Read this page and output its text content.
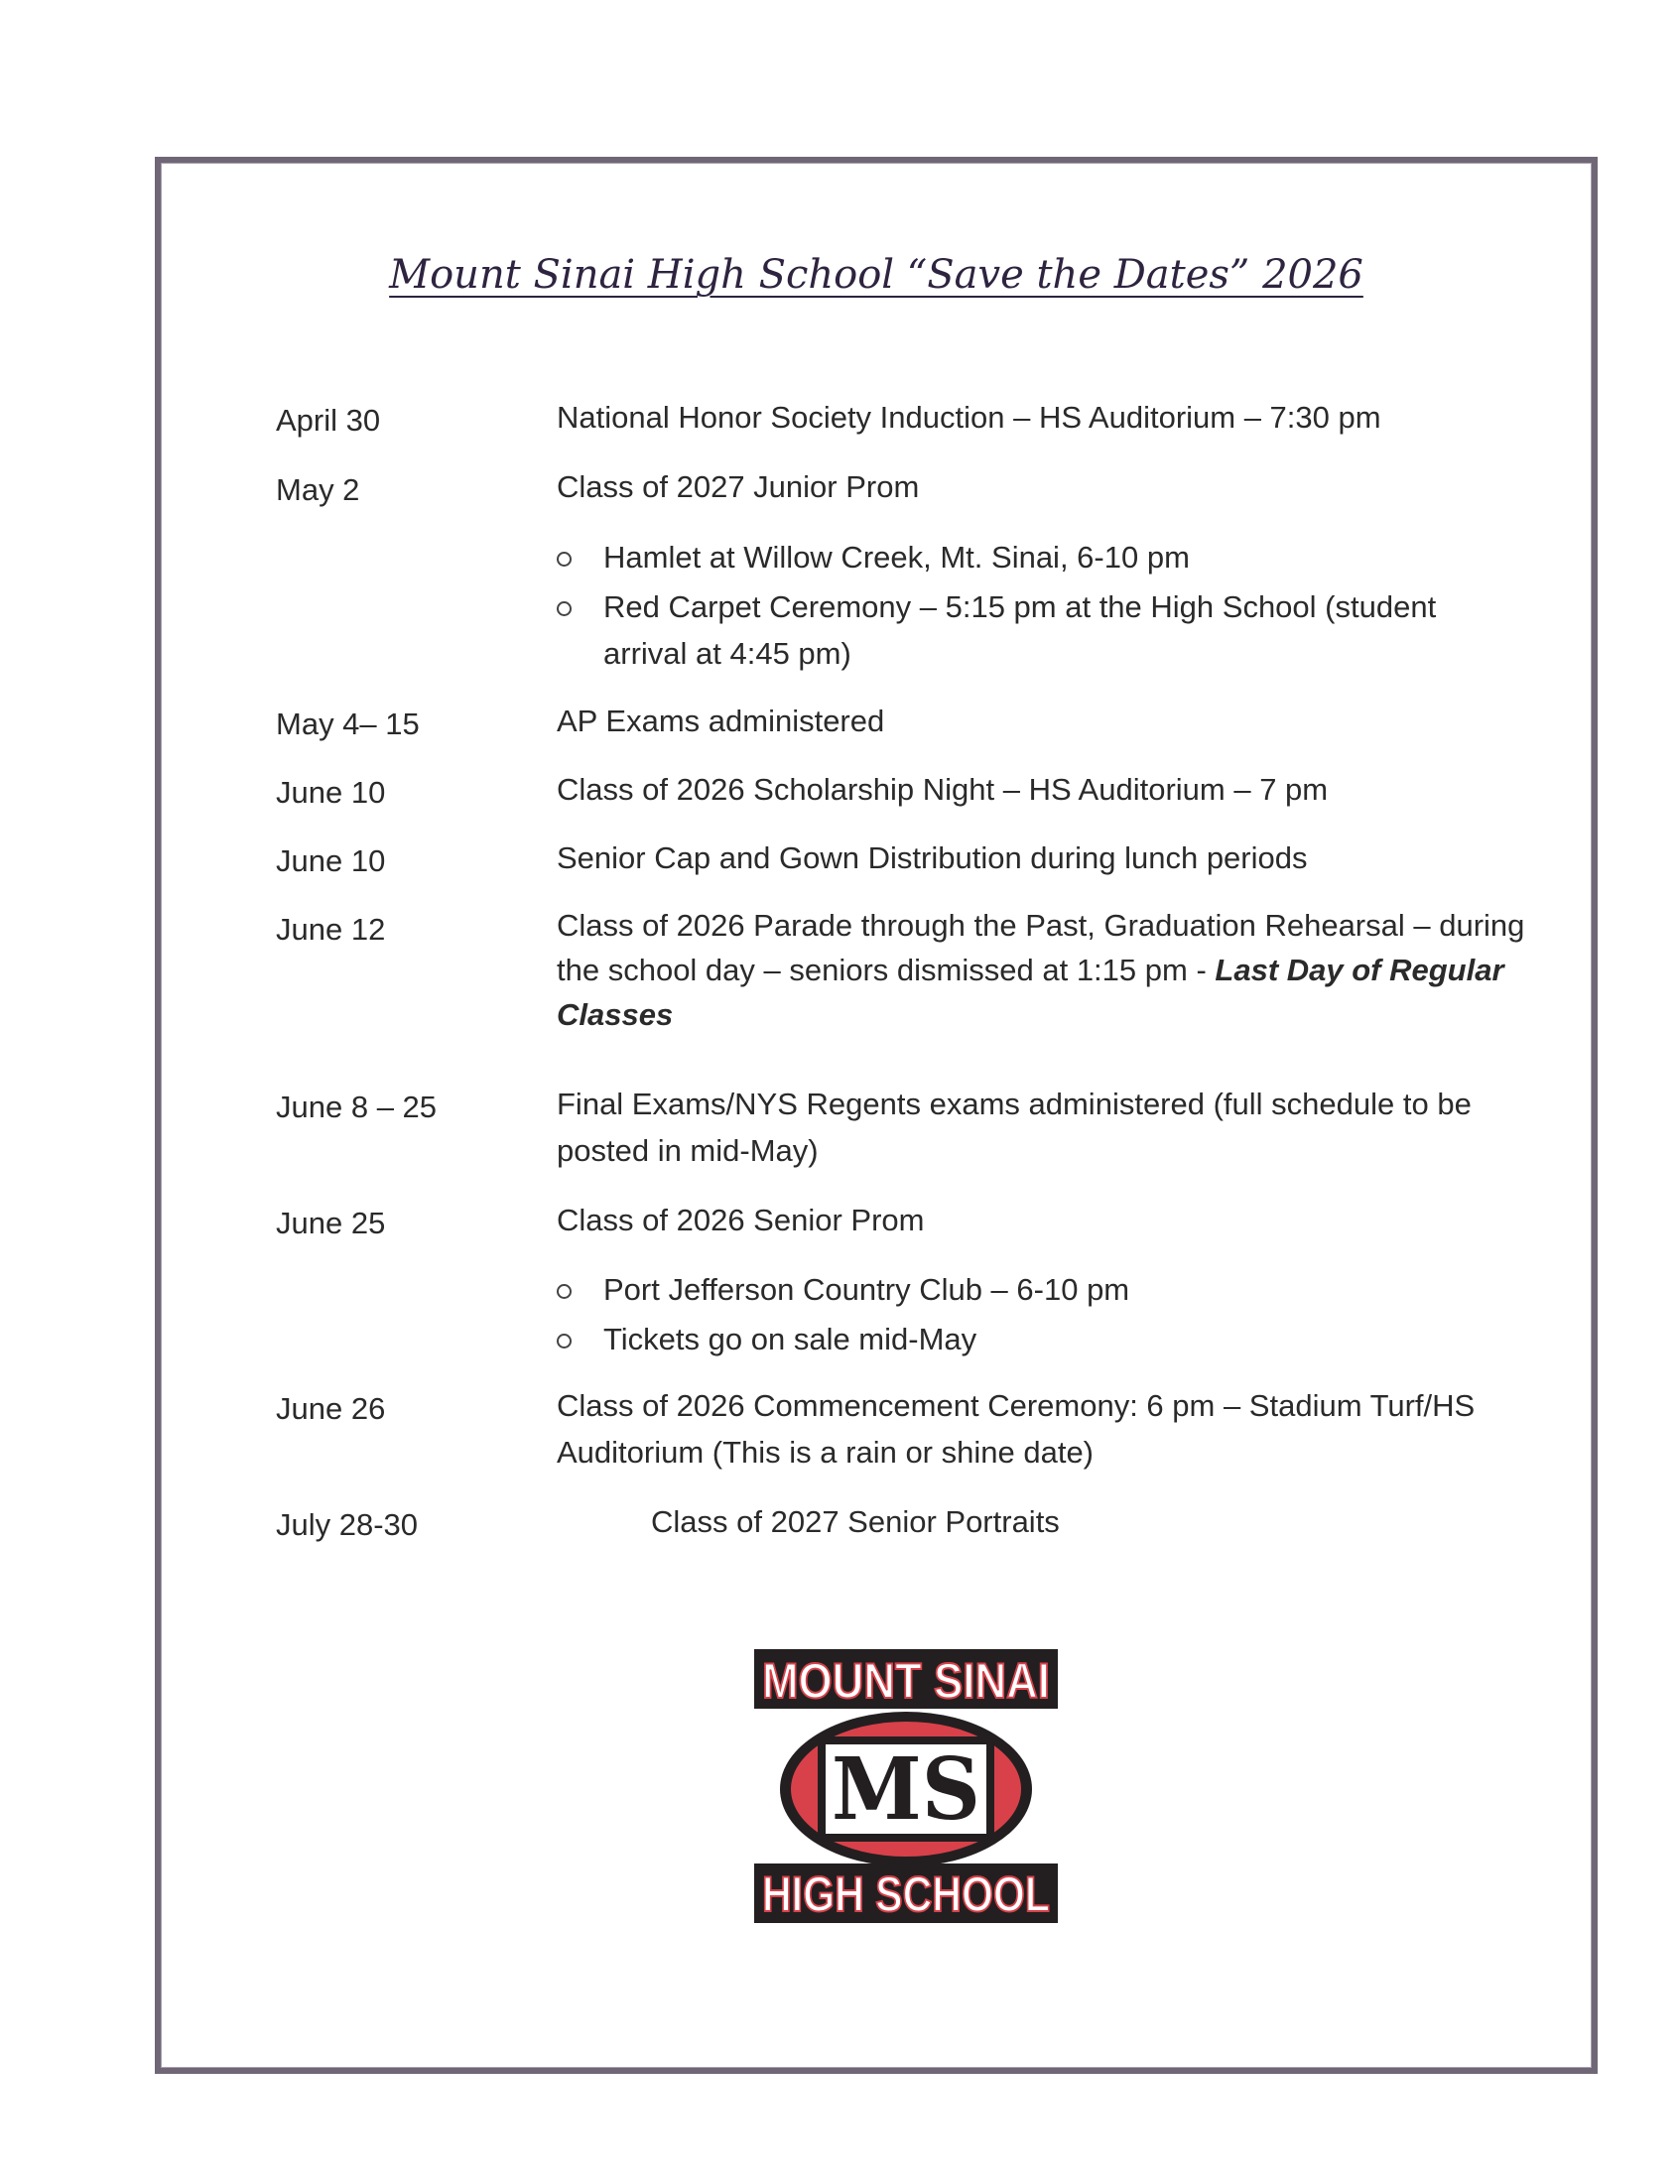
Mount Sinai High School “Save the Dates” 2026
April 30	National Honor Society Induction – HS Auditorium – 7:30 pm
May 2	Class of 2027 Junior Prom
Hamlet at Willow Creek, Mt. Sinai, 6-10 pm
Red Carpet Ceremony – 5:15 pm at the High School (student arrival at 4:45 pm)
May 4– 15	AP Exams administered
June 10	Class of 2026 Scholarship Night – HS Auditorium – 7 pm
June 10	Senior Cap and Gown Distribution during lunch periods
June 12	Class of 2026 Parade through the Past, Graduation Rehearsal – during the school day – seniors dismissed at 1:15 pm - Last Day of Regular Classes
June 8 – 25	Final Exams/NYS Regents exams administered (full schedule to be posted in mid-May)
June 25	Class of 2026 Senior Prom
Port Jefferson Country Club – 6-10 pm
Tickets go on sale mid-May
June 26	Class of 2026 Commencement Ceremony: 6 pm – Stadium Turf/HS Auditorium (This is a rain or shine date)
July 28-30	Class of 2027 Senior Portraits
MOUNT SINAI
MS
HIGH SCHOOL
